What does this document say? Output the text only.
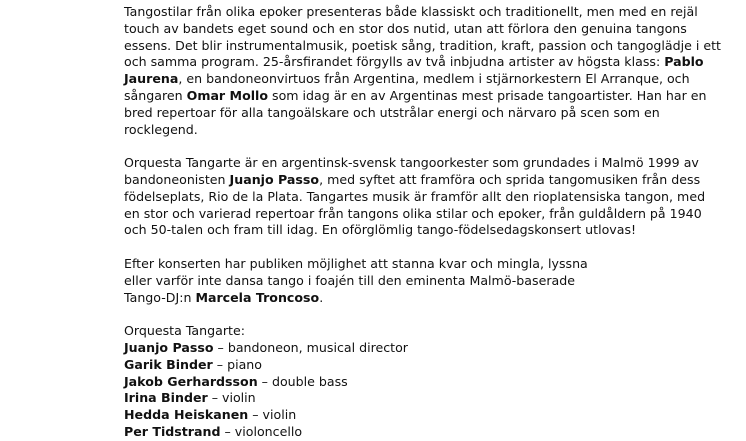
Tangostilar från olika epoker presenteras både klassiskt och traditionellt, men med en rejäl touch av bandets eget sound och en stor dos nutid, utan att förlora den genuina tangons essens. Det blir instrumentalmusik, poetisk sång, tradition, kraft, passion och tangoglädje i ett och samma program. 25-årsfirandet förgylls av två inbjudna artister av högsta klass: Pablo Jaurena, en bandoneonvirtuos från Argentina, medlem i stjärnorkestern El Arranque, och sångaren Omar Mollo som idag är en av Argentinas mest prisade tangoartister. Han har en bred repertoar för alla tangoälskare och utstrålar energi och närvaro på scen som en rocklegend.

Orquesta Tangarte är en argentinsk-svensk tangoorkester som grundades i Malmö 1999 av bandoneonisten Juanjo Passo, med syftet att framföra och sprida tangomusiken från dess födelseplats, Rio de la Plata. Tangartes musik är framför allt den rioplatensiska tangon, med en stor och varierad repertoar från tangons olika stilar och epoker, från guldåldern på 1940 och 50-talen och fram till idag. En oförglömlig tango-födelsedagskonsert utlovas!

Efter konserten har publiken möjlighet att stanna kvar och mingla, lyssna eller varför inte dansa tango i foajén till den eminenta Malmö-baserade Tango-DJ:n Marcela Troncoso.

Orquesta Tangarte:
Juanjo Passo – bandoneon, musical director
Garik Binder – piano
Jakob Gerhardsson – double bass
Irina Binder – violin
Hedda Heiskanen – violin
Per Tidstrand – violoncello
